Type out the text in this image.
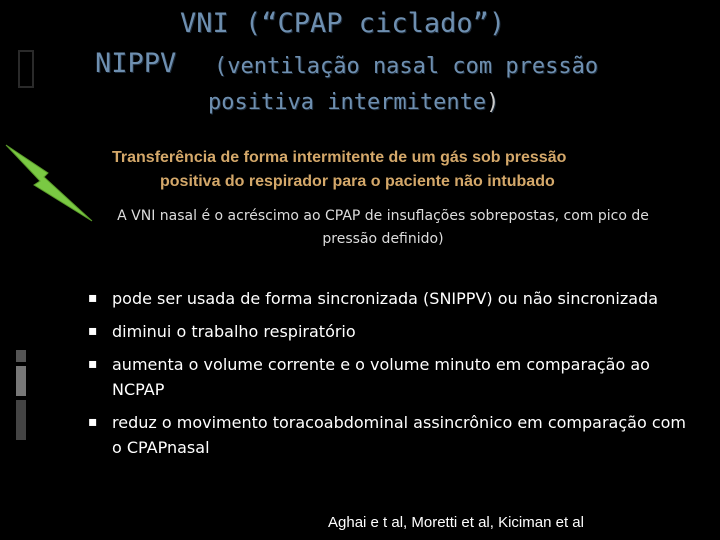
VNI (“CPAP ciclado”)
NIPPV (ventilação nasal com pressão
positiva intermitente)
Transferência de forma intermitente de um gás sob pressão
positiva do respirador para o paciente não intubado
A VNI nasal é o acréscimo ao CPAP de insuflações sobrepostas, com pico de pressão definido)
▪ pode ser usada de forma sincronizada (SNIPPV) ou não sincronizada
▪ diminui o trabalho respiratório
▪ aumenta o volume corrente e o volume minuto em comparação ao NCPAP
▪ reduz o movimento toracoabdominal assincrônico em comparação com o CPAPnasal
Aghai e t al, Moretti et al, Kiciman et al
